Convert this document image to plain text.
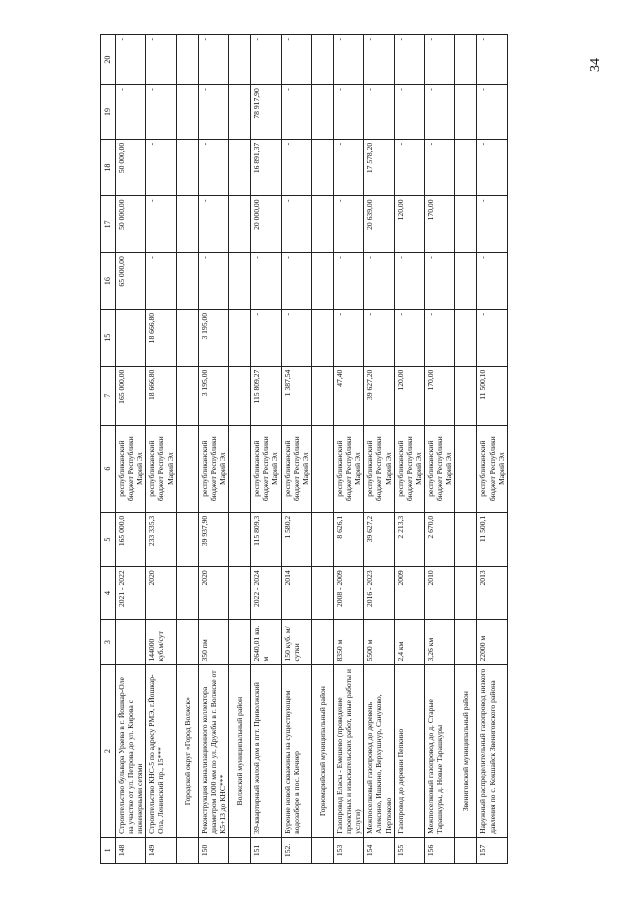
34
1	2	3	4	5	6	7	15	16	17	18	19	20
148	Строительство бульвара Ураева в г. Йошкар-Оле на участке от ул. Петрова до ул. Кирова с инженерными сетями		2021 - 2022	165 000,0	республиканский бюджет Республики Марий Эл	165 000,00		65 000,00	50 000,00	50 000,00	-	-
149	Строительство КНС-5 по адресу РМЭ, г.Йошкар-Ола, Ленинский пр., 15***	144000 куб.м/сут	2020	233 335,3	республиканский бюджет Республики Марий Эл	18 666,80	18 666,80	-	-	-	-	-
	Городской округ «Город Волжск»											
150	Реконструкция канализационного коллектора диаметром 1000 мм по ул. Дружбы в г. Волжске от К5+13 до КНС***	350 пм	2020	39 937,90	республиканский бюджет Республики Марий Эл	3 195,00	3 195,00	-	-	-	-	-
	Волжский муниципальный район											
151	39-квартирный жилой дом в пгт. Приволжский	2640,01 кв. м	2022 - 2024	115 809,3	республиканский бюджет Республики Марий Эл	115 809,27	-	-	20 000,00	16 891,37	78 917,90	-
152.	Бурение новой скважины на существующем водозаборе в пос. Кичиер	150 куб. м/сутки	2014	1 580,2	республиканский бюджет Республики Марий Эл	1 387,54	-	-	-	-	-	-
	Горномарийский муниципальный район											
153	Газопровод Еласы - Емешево (проведение проектных и изыскательских работ, иные работы и услуги)	8350 м	2008 - 2009	8 626,1	республиканский бюджет Республики Марий Эл	47,40	-	-	-	-	-	-
154	Межпоселковый газопровод до деревень Алексино, Ишкино, Верхушнур, Сануково, Пертюково	5500 м	2016 - 2023	39 627,2	республиканский бюджет Республики Марий Эл	39 627,20	-	-	20 639,00	17 578,20	-	-
155	Газопровод до деревни Пепкино	2,4 км	2009	2 213,3	республиканский бюджет Республики Марий Эл	120,00	-	-	120,00	-	-	-
156	Межпоселковый газопровод до д. Старые Тарашкуры, д. Новые Тарашкуры	3,26 км	2010	2 670,0	республиканский бюджет Республики Марий Эл	170,00	-	-	170,00	-	-	-
	Звениговский муниципальный район											
157	Наружный распределительный газопровод низкого давления по с. Кокшайск Звениговского района	22000 м	2013	11 500,1	республиканский бюджет Республики Марий Эл	11 500,10	-	-	-	-	-	-
